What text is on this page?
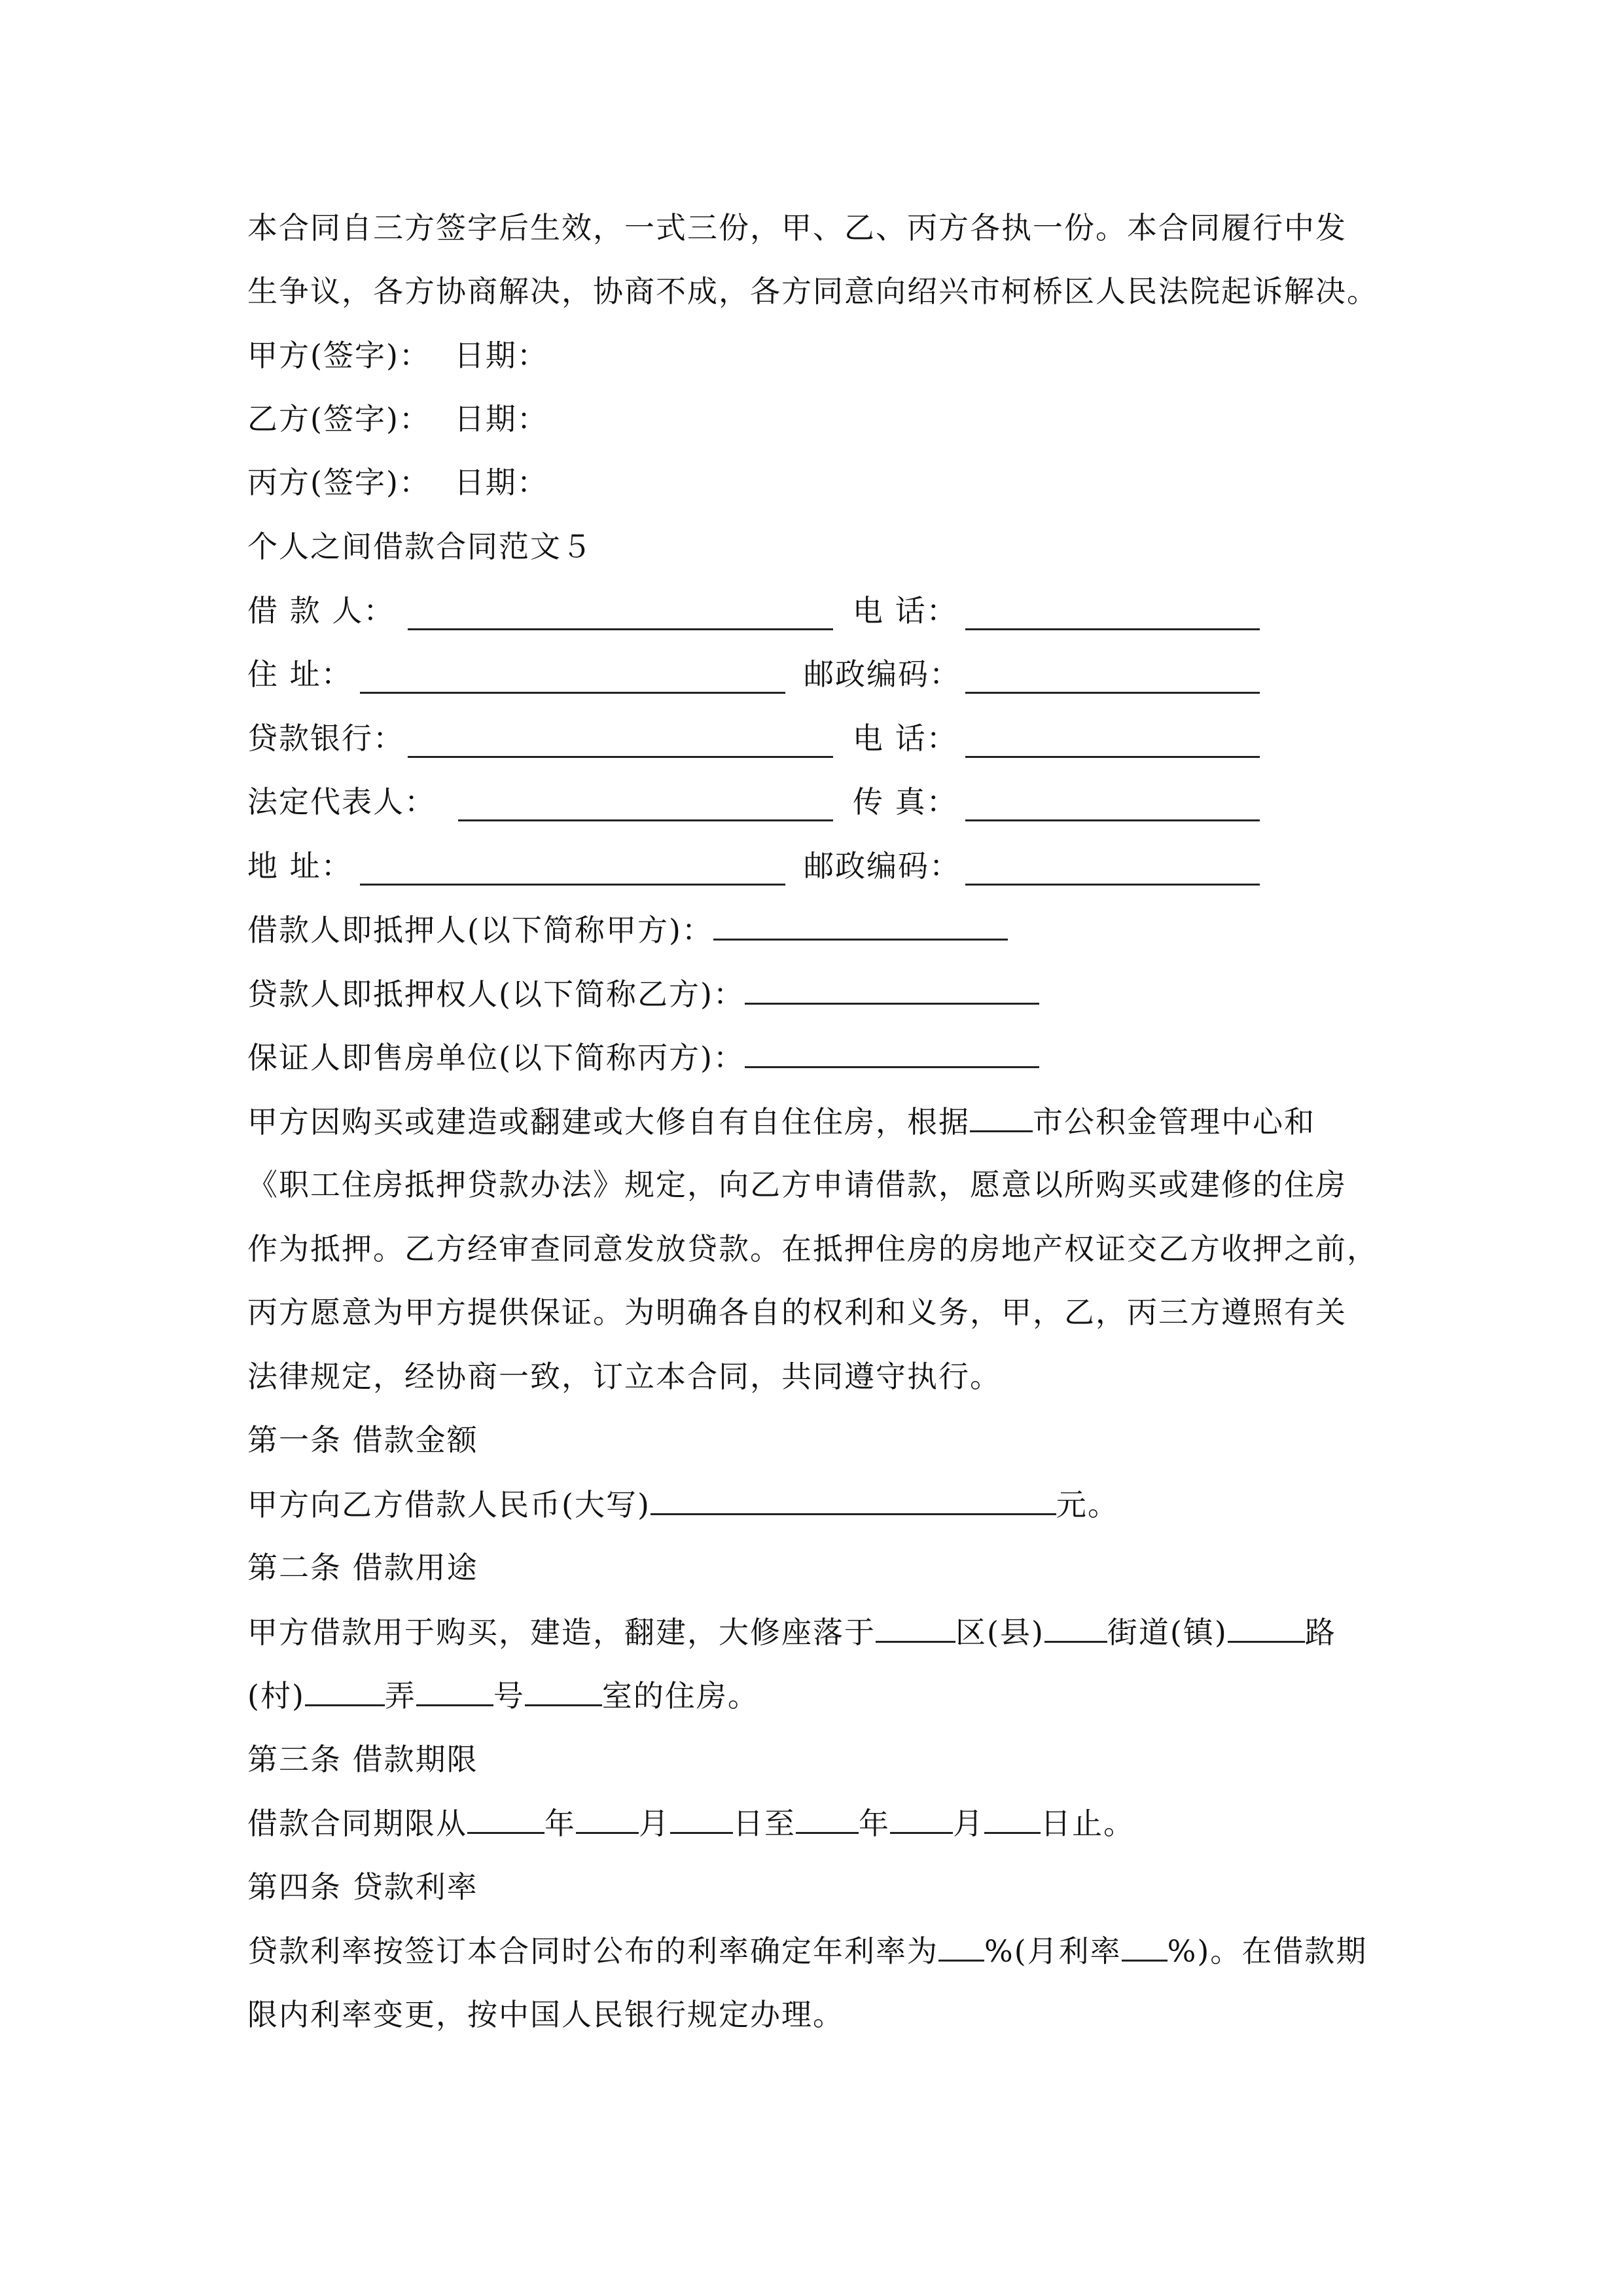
本合同自三方签字后生效，一式三份，甲、乙、丙方各执一份。本合同履行中发
生争议，各方协商解决，协商不成，各方同意向绍兴市柯桥区人民法院起诉解决。
甲方(签字)： 日期：
乙方(签字)： 日期：
丙方(签字)： 日期：
个人之间借款合同范文５
借 款 人：	电 话：
住 址：	邮政编码：
贷款银行：	电 话：
法定代表人：	传 真：
地 址：	邮政编码：
借款人即抵押人(以下简称甲方)：
贷款人即抵押权人(以下简称乙方)：
保证人即售房单位(以下简称丙方)：
甲方因购买或建造或翻建或大修自有自住住房，根据 市公积金管理中心和
《职工住房抵押贷款办法》规定，向乙方申请借款，愿意以所购买或建修的住房
作为抵押。乙方经审查同意发放贷款。在抵押住房的房地产权证交乙方收押之前，
丙方愿意为甲方提供保证。为明确各自的权利和义务，甲，乙，丙三方遵照有关
法律规定，经协商一致，订立本合同，共同遵守执行。
第一条 借款金额
甲方向乙方借款人民币(大写)	元。
第二条 借款用途
甲方借款用于购买，建造，翻建，大修座落于	区(县) 街道(镇)	路
(村)	弄	号	室的住房。
第三条 借款期限
借款合同期限从	年 月 日至 年 月 日止。
第四条 贷款利率
贷款利率按签订本合同时公布的利率确定年利率为 %(月利率 %)。在借款期
限内利率变更，按中国人民银行规定办理。
